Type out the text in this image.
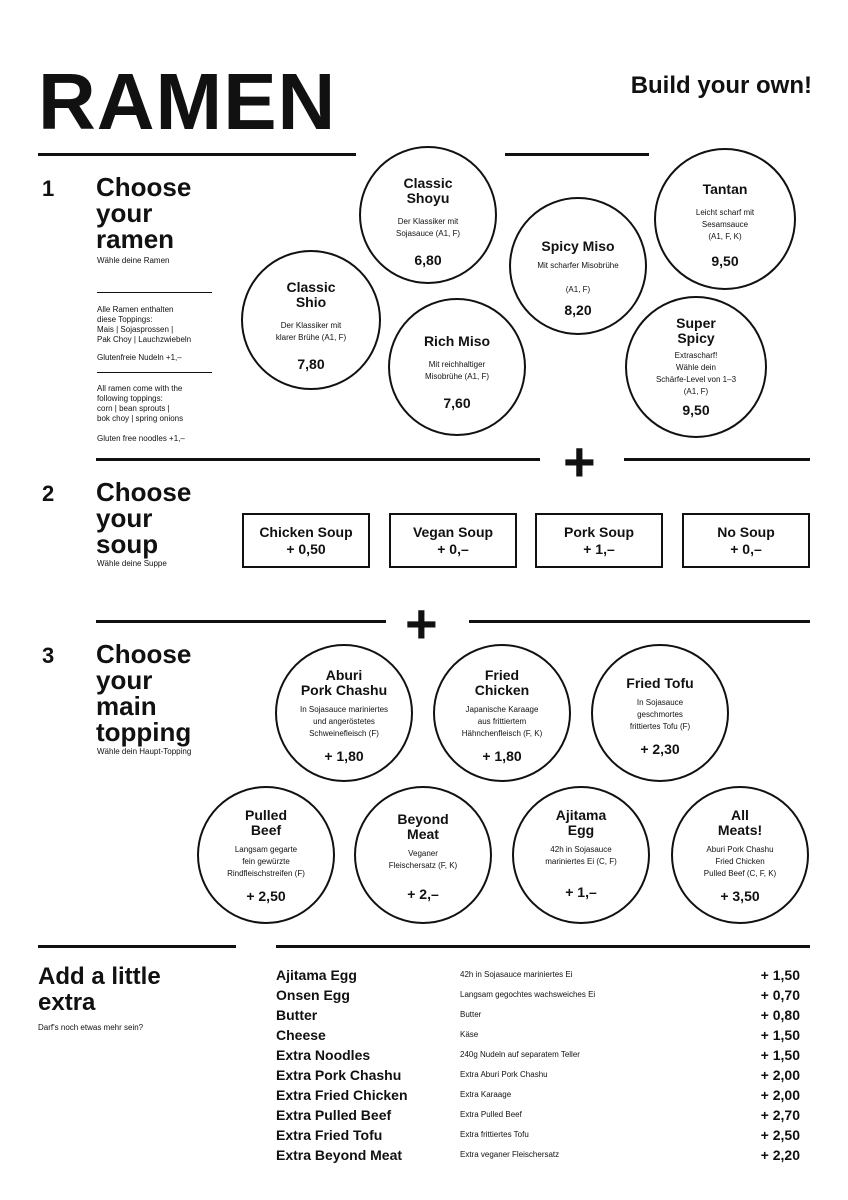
RAMEN	Build your own!
1 Choose
your
ramen
Wähle deine Ramen
Alle Ramen enthalten
diese Toppings:
Mais | Sojasprossen |
Pak Choy | Lauchzwiebeln
Glutenfreie Nudeln +1,–
All ramen come with the
following toppings:
corn | bean sprouts |
bok choy | spring onions
Gluten free noodles +1,–
Classic
Shoyu
Der Klassiker mit
Sojasauce (A1, F)
6,80
Tantan
Leicht scharf mit
Sesamsauce
(A1, F, K)
9,50
Spicy Miso
Mit scharfer Misobrühe

(A1, F)
8,20
Classic
Shio
Der Klassiker mit
klarer Brühe (A1, F)
7,80
Rich Miso
Mit reichhaltiger
Misobrühe (A1, F)
7,60
Super
Spicy
Extrascharf!
Wähle dein
Schärfe-Level von 1–3
(A1, F)
9,50
+
2 Choose
your
soup
Wähle deine Suppe
Chicken Soup
+ 0,50
Vegan Soup
+ 0,–
Pork Soup
+ 1,–
No Soup
+ 0,–
+
3 Choose
your
main
topping
Wähle dein Haupt-Topping
Aburi
Pork Chashu
In Sojasauce mariniertes
und angeröstetes
Schweinefleisch (F)
+ 1,80
Fried
Chicken
Japanische Karaage
aus frittiertem
Hähnchenfleisch (F, K)
+ 1,80
Fried Tofu
In Sojasauce
geschmortes
frittiertes Tofu (F)
+ 2,30
Pulled
Beef
Langsam gegarte
fein gewürzte
Rindfleischstreifen (F)
+ 2,50
Beyond
Meat
Veganer
Fleischersatz (F, K)
+ 2,–
Ajitama
Egg
42h in Sojasauce
mariniertes Ei (C, F)
+ 1,–
All
Meats!
Aburi Pork Chashu
Fried Chicken
Pulled Beef (C, F, K)
+ 3,50
Add a little
extra
Darf's noch etwas mehr sein?
Ajitama Egg	42h in Sojasauce mariniertes Ei	+ 1,50
Onsen Egg	Langsam gegochtes wachsweiches Ei	+ 0,70
Butter	Butter	+ 0,80
Cheese	Käse	+ 1,50
Extra Noodles	240g Nudeln auf separatem Teller	+ 1,50
Extra Pork Chashu	Extra Aburi Pork Chashu	+ 2,00
Extra Fried Chicken	Extra Karaage	+ 2,00
Extra Pulled Beef	Extra Pulled Beef	+ 2,70
Extra Fried Tofu	Extra frittiertes Tofu	+ 2,50
Extra Beyond Meat	Extra veganer Fleischersatz	+ 2,20
